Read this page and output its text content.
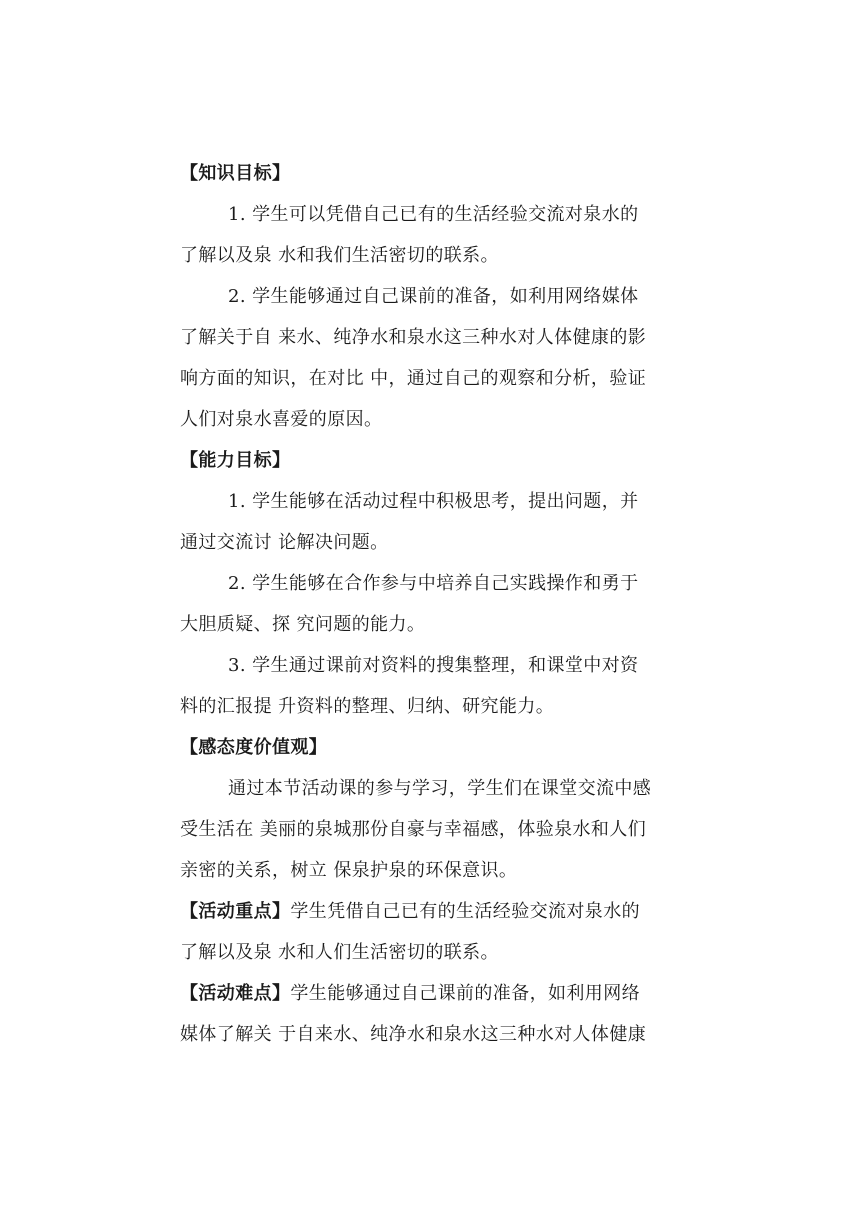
【知识目标】
1. 学生可以凭借自己已有的生活经验交流对泉水的
了解以及泉 水和我们生活密切的联系。
2. 学生能够通过自己课前的准备，如利用网络媒体
了解关于自 来水、纯净水和泉水这三种水对人体健康的影
响方面的知识，在对比 中，通过自己的观察和分析，验证
人们对泉水喜爱的原因。
【能力目标】
1. 学生能够在活动过程中积极思考，提出问题，并
通过交流讨 论解决问题。
2. 学生能够在合作参与中培养自己实践操作和勇于
大胆质疑、探 究问题的能力。
3. 学生通过课前对资料的搜集整理，和课堂中对资
料的汇报提 升资料的整理、归纳、研究能力。
【感态度价值观】
通过本节活动课的参与学习，学生们在课堂交流中感
受生活在 美丽的泉城那份自豪与幸福感，体验泉水和人们
亲密的关系，树立 保泉护泉的环保意识。
【活动重点】学生凭借自己已有的生活经验交流对泉水的
了解以及泉 水和人们生活密切的联系。
【活动难点】学生能够通过自己课前的准备，如利用网络
媒体了解关 于自来水、纯净水和泉水这三种水对人体健康
